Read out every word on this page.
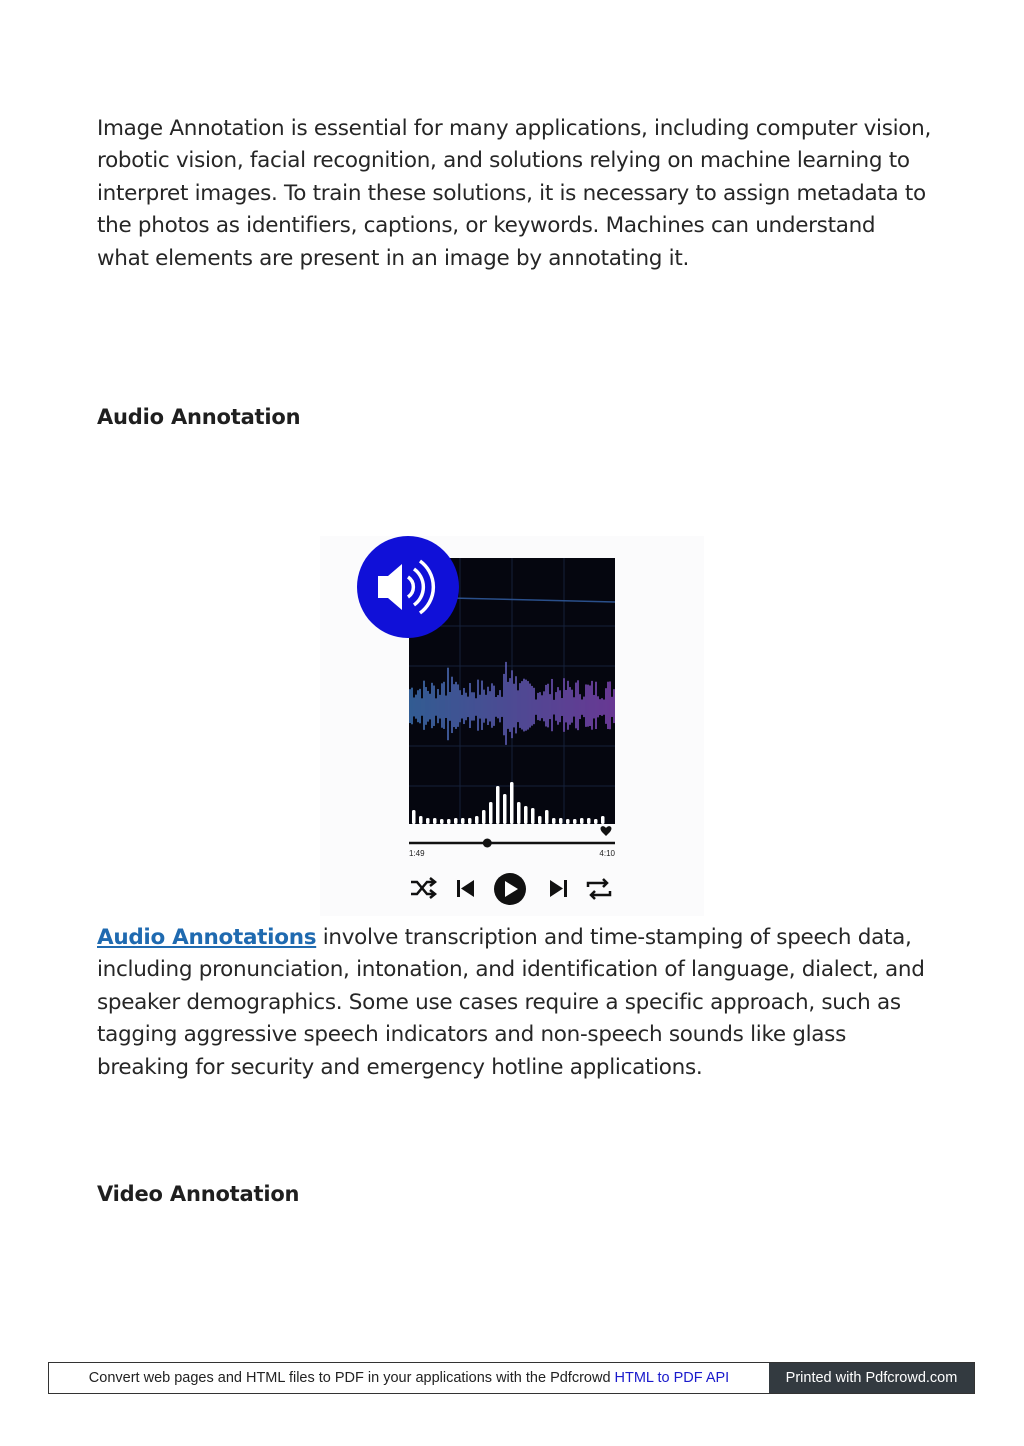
Image Annotation is essential for many applications, including computer vision, robotic vision, facial recognition, and solutions relying on machine learning to interpret images. To train these solutions, it is necessary to assign metadata to the photos as identifiers, captions, or keywords. Machines can understand what elements are present in an image by annotating it.

Audio Annotation
1:49	4:10

Audio Annotations involve transcription and time-stamping of speech data, including pronunciation, intonation, and identification of language, dialect, and speaker demographics. Some use cases require a specific approach, such as tagging aggressive speech indicators and non-speech sounds like glass breaking for security and emergency hotline applications.

Video Annotation
Convert web pages and HTML files to PDF in your applications with the Pdfcrowd HTML to PDF API	Printed with Pdfcrowd.com
